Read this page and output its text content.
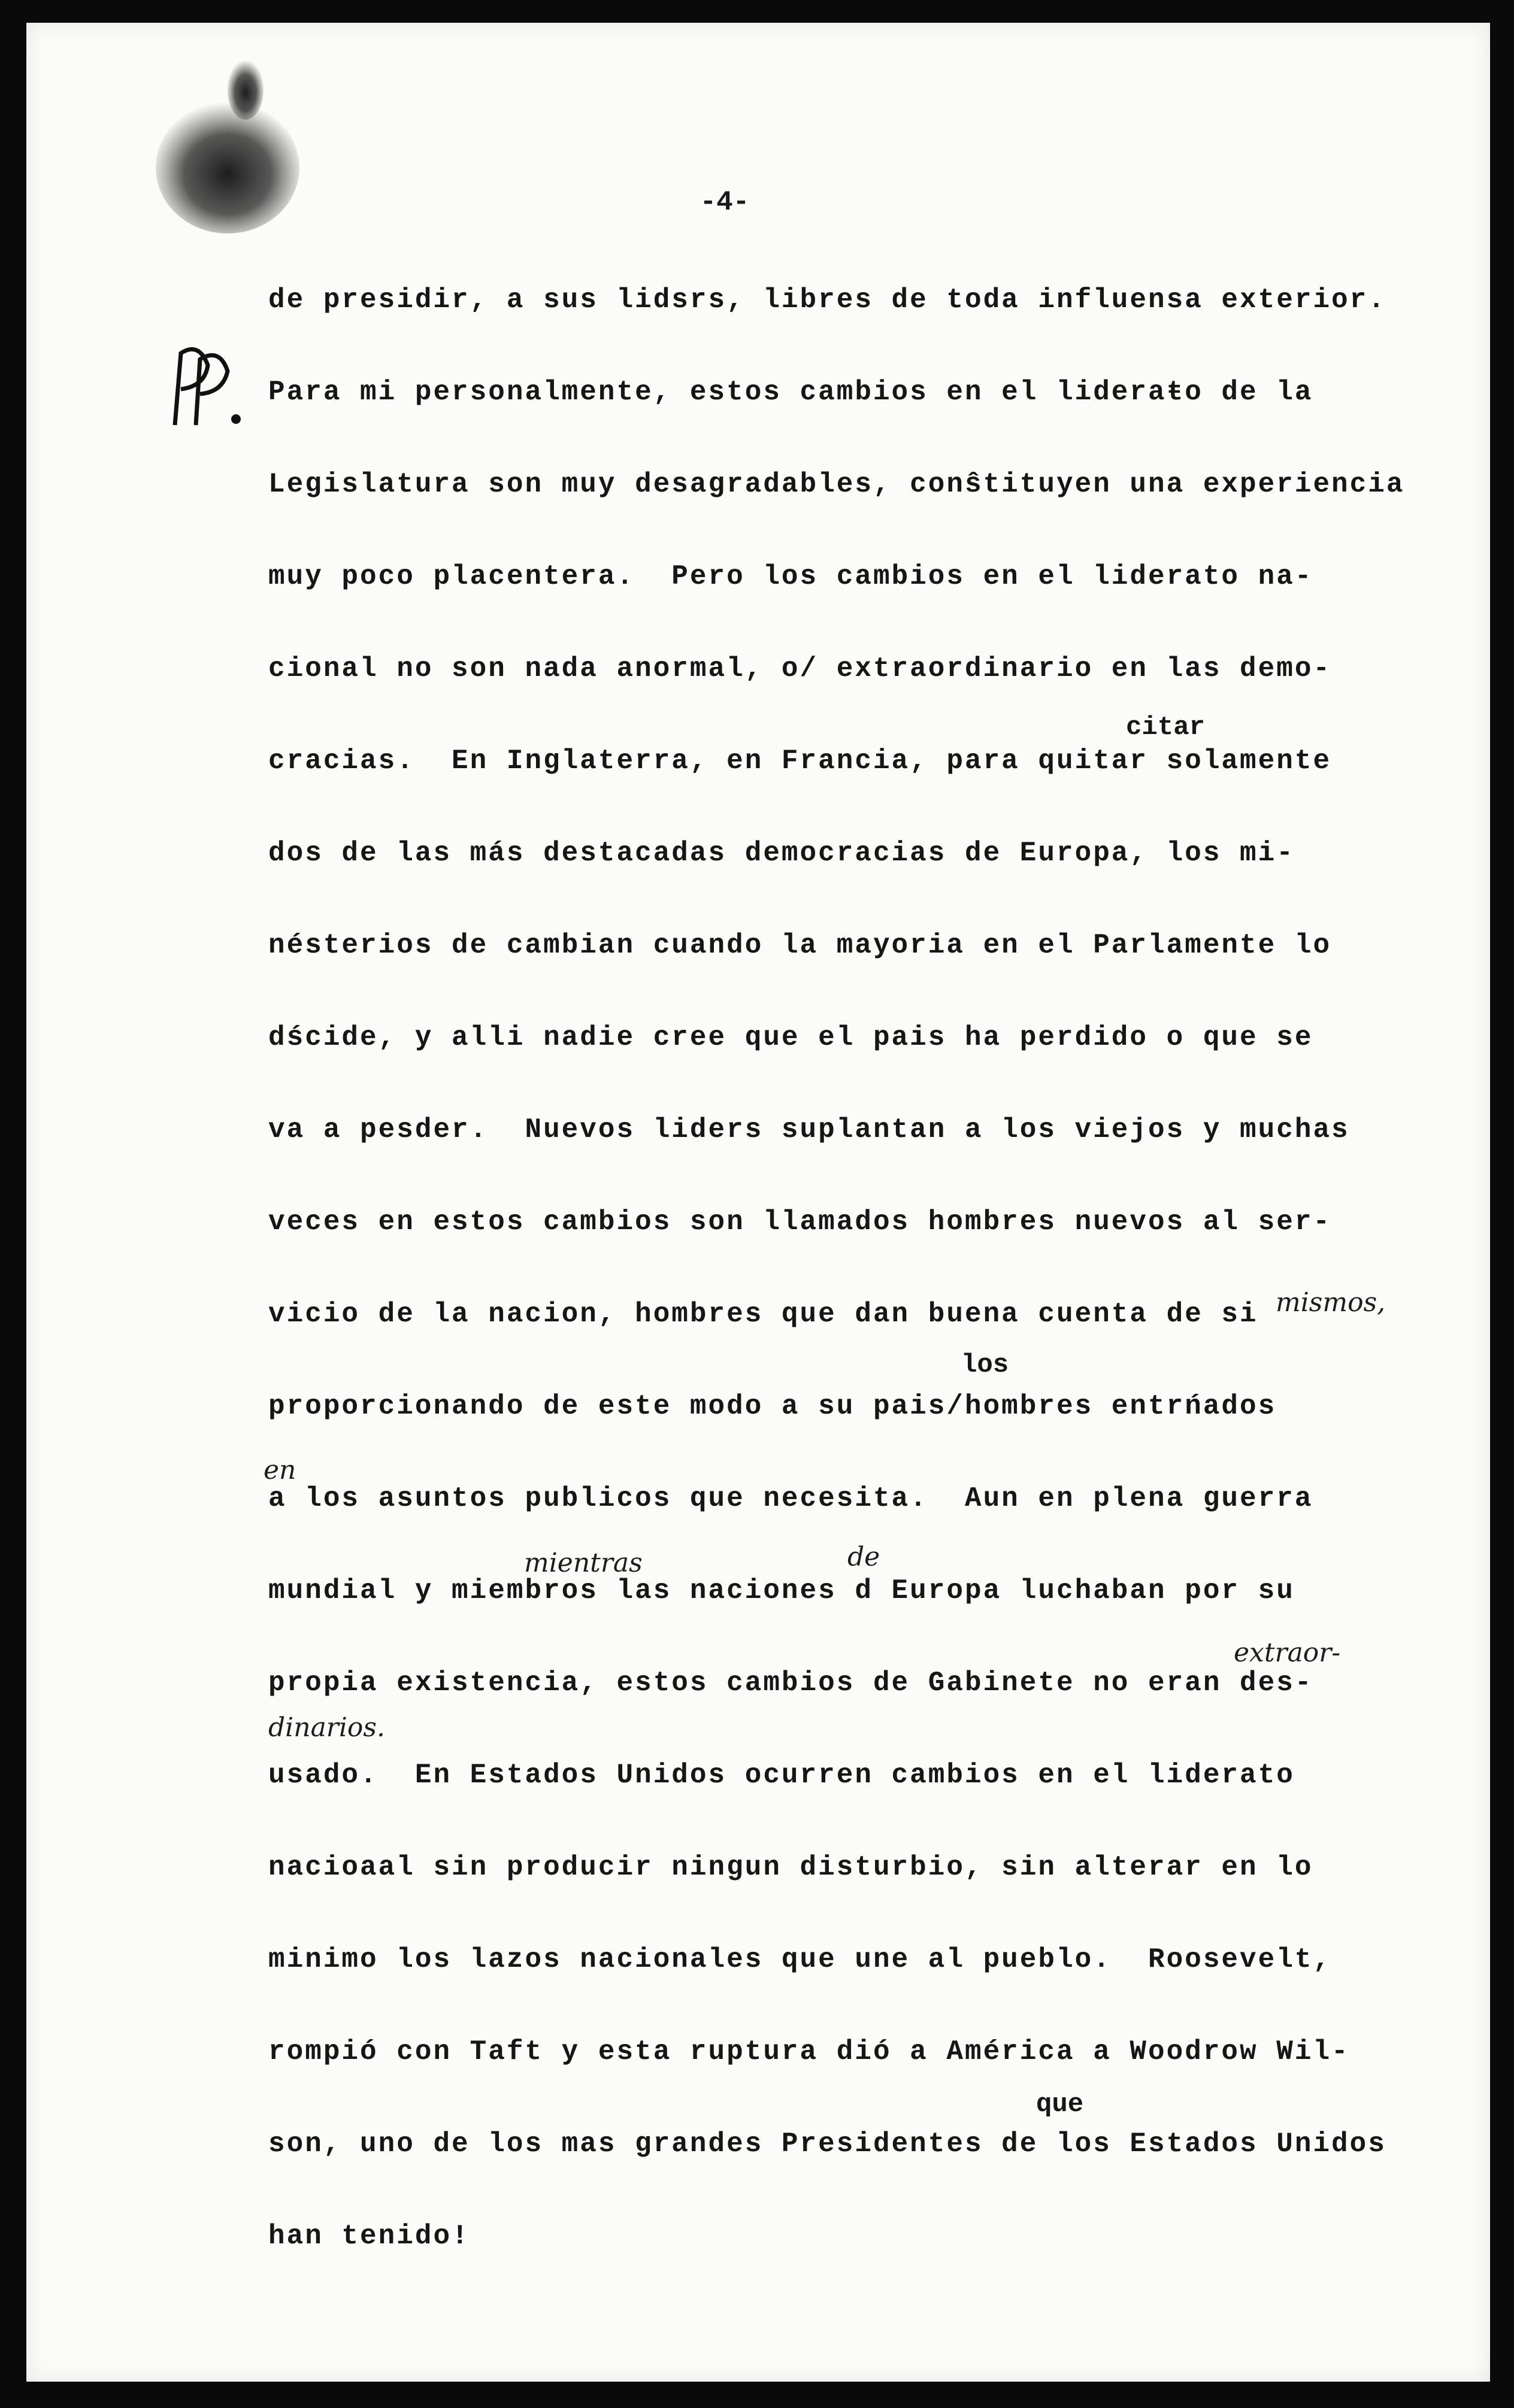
-4-
de presidir, a sus lidsrs, libres de toda influensa exterior.
Para mi personalmente, estos cambios en el lideraŧo de la
Legislatura son muy desagradables, conŝtituyen una experiencia
muy poco placentera.  Pero los cambios en el liderato na-
cional no son nada anormal, o/ extraordinario en las demo-
cracias.  En Inglaterra, en Francia, para quitar solamente
dos de las más destacadas democracias de Europa, los mi-
nésterios de cambian cuando la mayoria en el Parlamente lo
dścide, y alli nadie cree que el pais ha perdido o que se
va a pesder.  Nuevos liders suplantan a los viejos y muchas
veces en estos cambios son llamados hombres nuevos al ser-
vicio de la nacion, hombres que dan buena cuenta de si
proporcionando de este modo a su pais/hombres entrńados
a los asuntos publicos que necesita.  Aun en plena guerra
mundial y miembros las naciones d Europa luchaban por su
propia existencia, estos cambios de Gabinete no eran des-
usado.  En Estados Unidos ocurren cambios en el liderato
nacioaal sin producir ningun disturbio, sin alterar en lo
minimo los lazos nacionales que une al pueblo.  Roosevelt,
rompió con Taft y esta ruptura dió a América a Woodrow Wil-
son, uno de los mas grandes Presidentes de los Estados Unidos
han tenido!
citar
los
que
mismos,
en
mientras	de
extraor-
dinarios.
